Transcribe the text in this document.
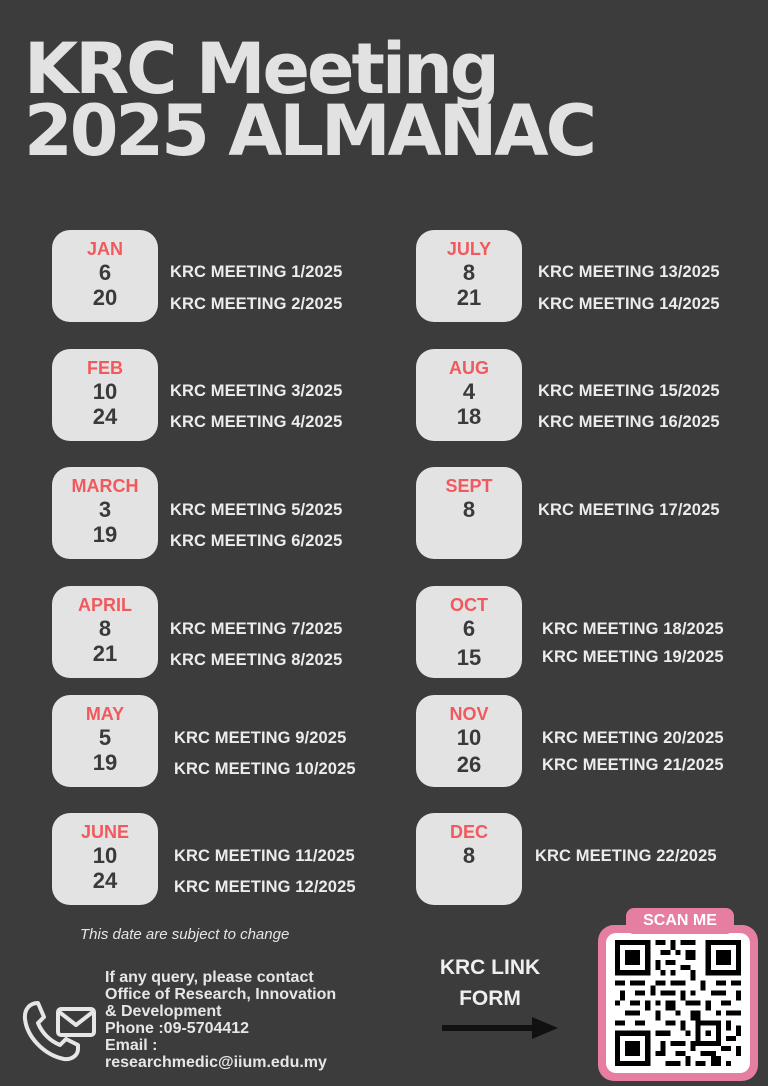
KRC Meeting
2025 ALMANAC
JAN
6
20
KRC MEETING 1/2025
KRC MEETING 2/2025
FEB
10
24
KRC MEETING 3/2025
KRC MEETING 4/2025
MARCH
3
19
KRC MEETING 5/2025
KRC MEETING 6/2025
APRIL
8
21
KRC MEETING 7/2025
KRC MEETING 8/2025
MAY
5
19
KRC MEETING 9/2025
KRC MEETING 10/2025
JUNE
10
24
KRC MEETING 11/2025
KRC MEETING 12/2025
JULY
8
21
KRC MEETING 13/2025
KRC MEETING 14/2025
AUG
4
18
KRC MEETING 15/2025
KRC MEETING 16/2025
SEPT
8	KRC MEETING 17/2025
OCT
6
15
KRC MEETING 18/2025
KRC MEETING 19/2025
NOV
10
26
KRC MEETING 20/2025
KRC MEETING 21/2025
DEC
8	KRC MEETING 22/2025
This date are subject to change
If any query, please contact
Office of Research, Innovation
& Development
Phone :09-5704412
Email :
researchmedic@iium.edu.my
KRC LINK
FORM
SCAN ME
